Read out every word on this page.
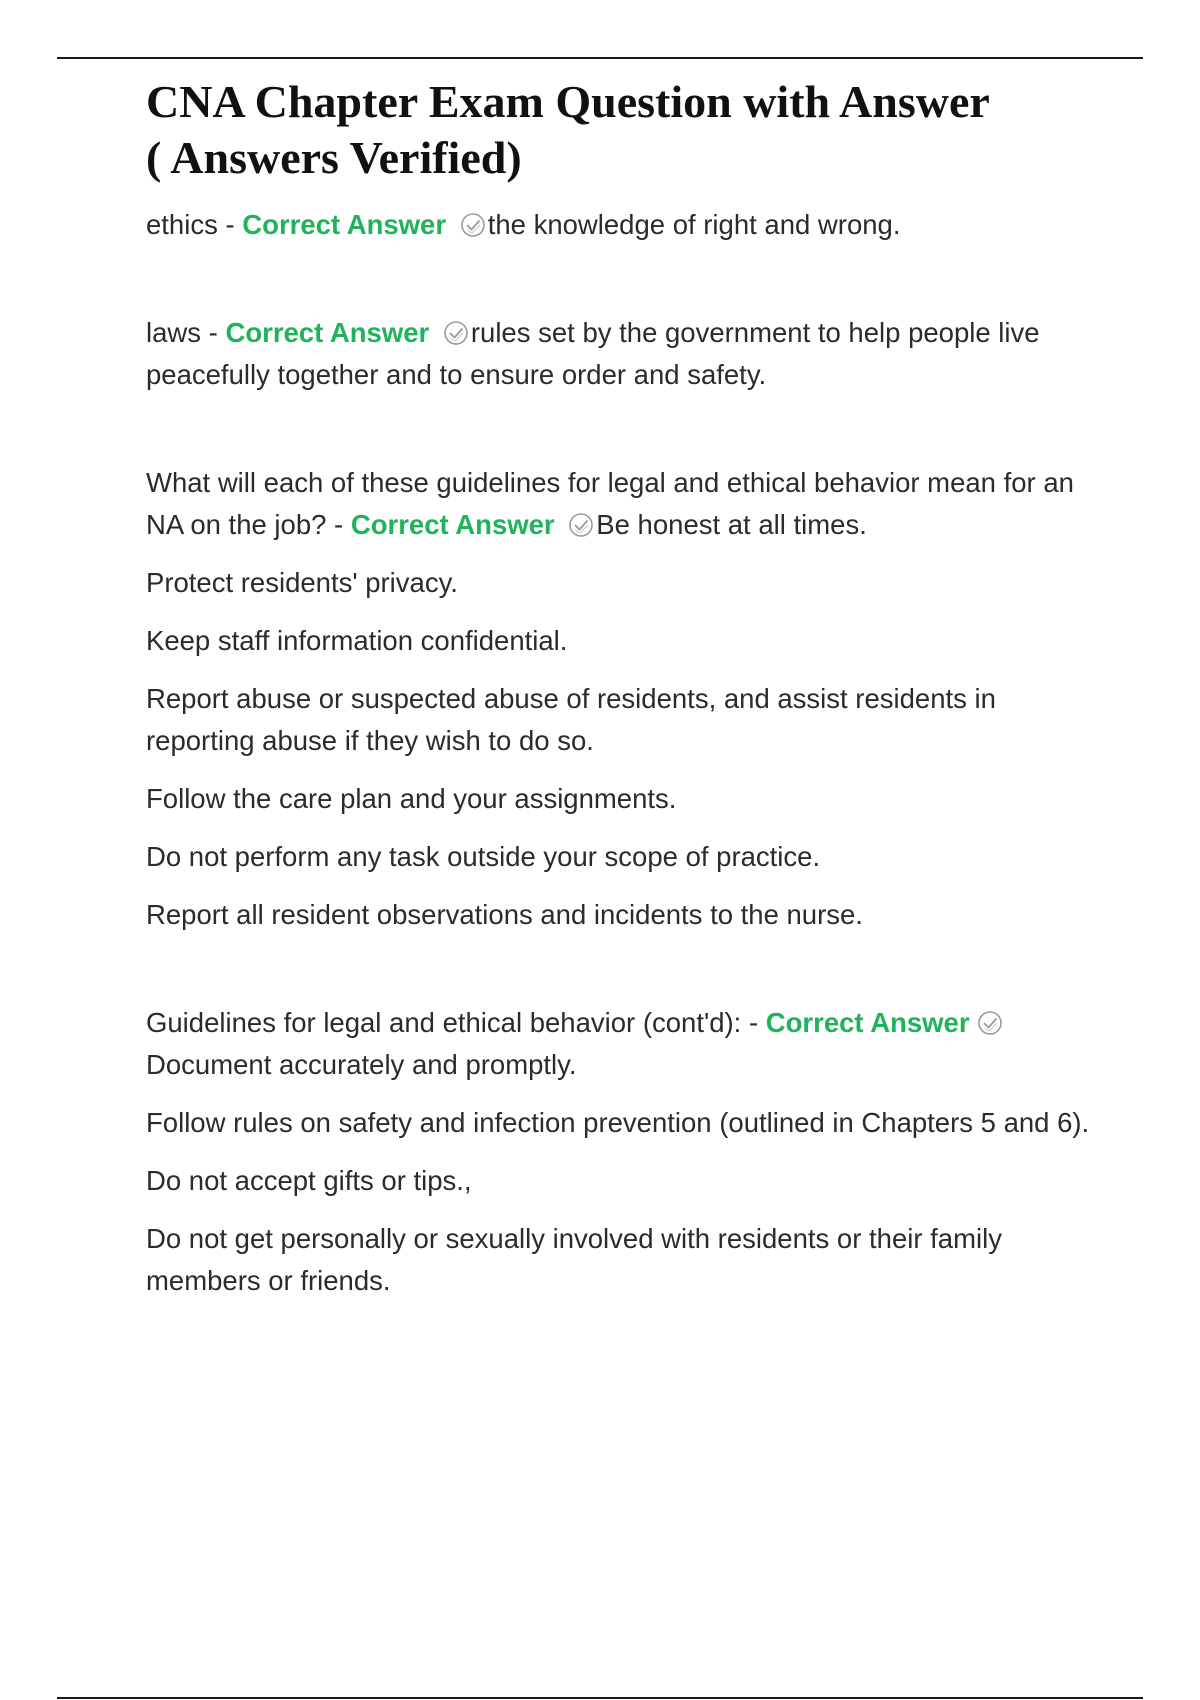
CNA Chapter Exam Question with Answer
( Answers Verified)

ethics - Correct Answer the knowledge of right and wrong.

laws - Correct Answer rules set by the government to help people live peacefully together and to ensure order and safety.

What will each of these guidelines for legal and ethical behavior mean for an NA on the job? - Correct Answer Be honest at all times.

Protect residents' privacy.

Keep staff information confidential.

Report abuse or suspected abuse of residents, and assist residents in reporting abuse if they wish to do so.

Follow the care plan and your assignments.

Do not perform any task outside your scope of practice.

Report all resident observations and incidents to the nurse.

Guidelines for legal and ethical behavior (cont'd): - Correct Answer Document accurately and promptly.

Follow rules on safety and infection prevention (outlined in Chapters 5 and 6).

Do not accept gifts or tips.,

Do not get personally or sexually involved with residents or their family members or friends.
